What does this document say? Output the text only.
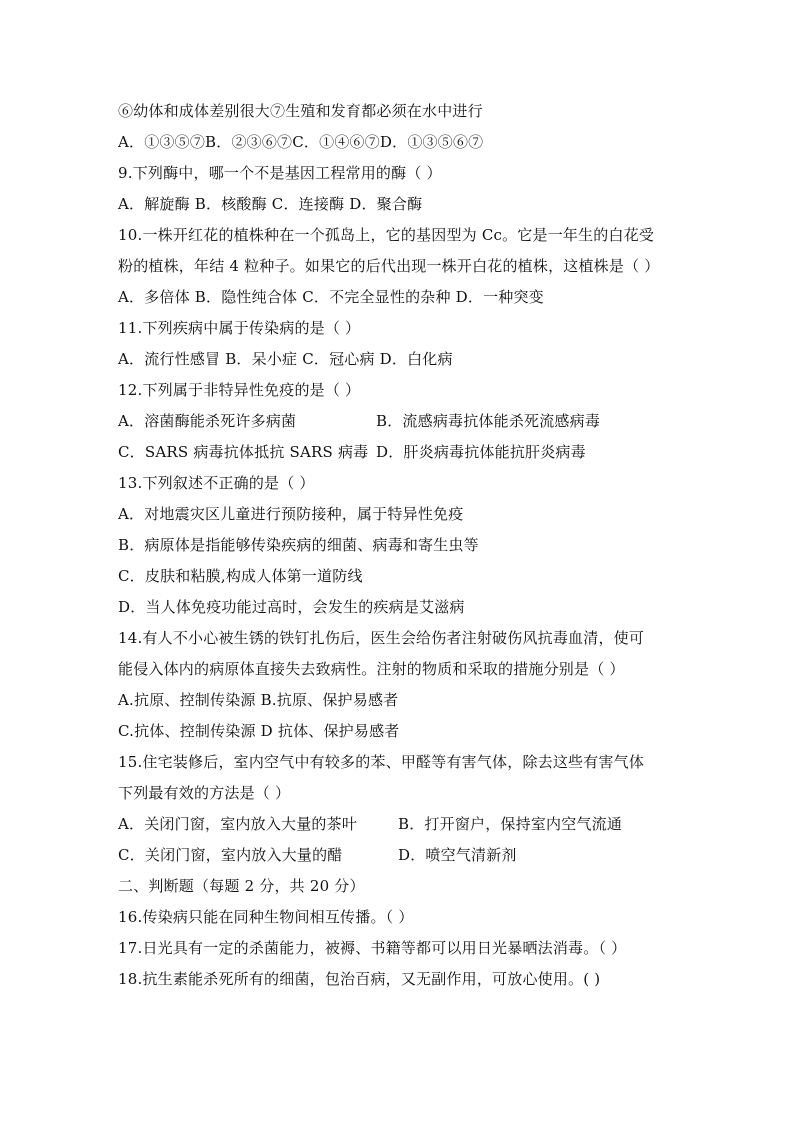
⑥幼体和成体差别很大⑦生殖和发育都必须在水中进行
A．①③⑤⑦B．②③⑥⑦C．①④⑥⑦D．①③⑤⑥⑦
9.下列酶中，哪一个不是基因工程常用的酶（ ）
A．解旋酶 B．核酸酶 C．连接酶 D．聚合酶
10.一株开红花的植株种在一个孤岛上，它的基因型为 Cc。它是一年生的白花受
粉的植株，年结 4 粒种子。如果它的后代出现一株开白花的植株，这植株是（ ）
A．多倍体 B．隐性纯合体 C．不完全显性的杂种 D．一种突变
11.下列疾病中属于传染病的是（ ）
A．流行性感冒 B．呆小症 C．冠心病 D．白化病
12.下列属于非特异性免疫的是（ ）
A．溶菌酶能杀死许多病菌	B．流感病毒抗体能杀死流感病毒
C．SARS 病毒抗体抵抗 SARS 病毒 D．肝炎病毒抗体能抗肝炎病毒
13.下列叙述不正确的是（ ）
A．对地震灾区儿童进行预防接种，属于特异性免疫
B．病原体是指能够传染疾病的细菌、病毒和寄生虫等
C．皮肤和粘膜,构成人体第一道防线
D．当人体免疫功能过高时，会发生的疾病是艾滋病
14.有人不小心被生锈的铁钉扎伤后，医生会给伤者注射破伤风抗毒血清，使可
能侵入体内的病原体直接失去致病性。注射的物质和采取的措施分别是（ ）
A.抗原、控制传染源 B.抗原、保护易感者
C.抗体、控制传染源 D 抗体、保护易感者
15.住宅装修后，室内空气中有较多的苯、甲醛等有害气体，除去这些有害气体
下列最有效的方法是（ ）
A．关闭门窗，室内放入大量的茶叶	B．打开窗户，保持室内空气流通
C．关闭门窗，室内放入大量的醋	D．喷空气清新剂
二、判断题（每题 2 分，共 20 分）
16.传染病只能在同种生物间相互传播。（ ）
17.日光具有一定的杀菌能力，被褥、书籍等都可以用日光暴晒法消毒。（ ）
18.抗生素能杀死所有的细菌，包治百病，又无副作用，可放心使用。( )
